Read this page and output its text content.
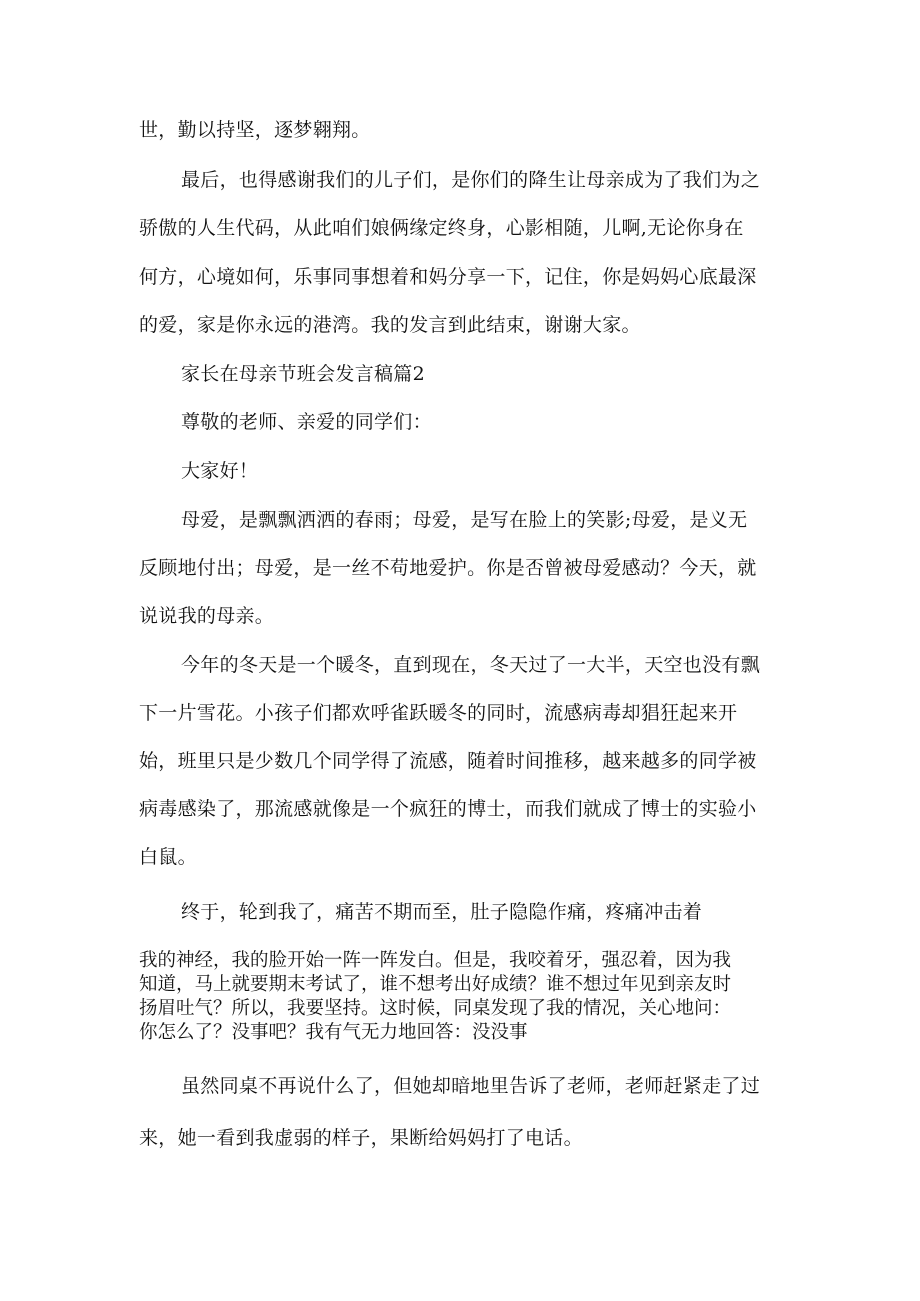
世，勤以持坚，逐梦翱翔。
最后，也得感谢我们的儿子们，是你们的降生让母亲成为了我们为之
骄傲的人生代码，从此咱们娘俩缘定终身，心影相随，儿啊,无论你身在
何方，心境如何，乐事同事想着和妈分享一下，记住，你是妈妈心底最深
的爱，家是你永远的港湾。我的发言到此结束，谢谢大家。
家长在母亲节班会发言稿篇2
尊敬的老师、亲爱的同学们：
大家好！
母爱，是飘飘洒洒的春雨；母爱，是写在脸上的笑影;母爱，是义无
反顾地付出；母爱，是一丝不苟地爱护。你是否曾被母爱感动？今天，就
说说我的母亲。
今年的冬天是一个暖冬，直到现在，冬天过了一大半，天空也没有飘
下一片雪花。小孩子们都欢呼雀跃暖冬的同时，流感病毒却猖狂起来开
始，班里只是少数几个同学得了流感，随着时间推移，越来越多的同学被
病毒感染了，那流感就像是一个疯狂的博士，而我们就成了博士的实验小
白鼠。
终于，轮到我了，痛苦不期而至，肚子隐隐作痛，疼痛冲击着
我的神经，我的脸开始一阵一阵发白。但是，我咬着牙，强忍着，因为我
知道，马上就要期末考试了，谁不想考出好成绩？谁不想过年见到亲友时
扬眉吐气？所以，我要坚持。这时候，同桌发现了我的情况，关心地问：
你怎么了？没事吧？我有气无力地回答：没没事
虽然同桌不再说什么了，但她却暗地里告诉了老师，老师赶紧走了过
来，她一看到我虚弱的样子，果断给妈妈打了电话。
